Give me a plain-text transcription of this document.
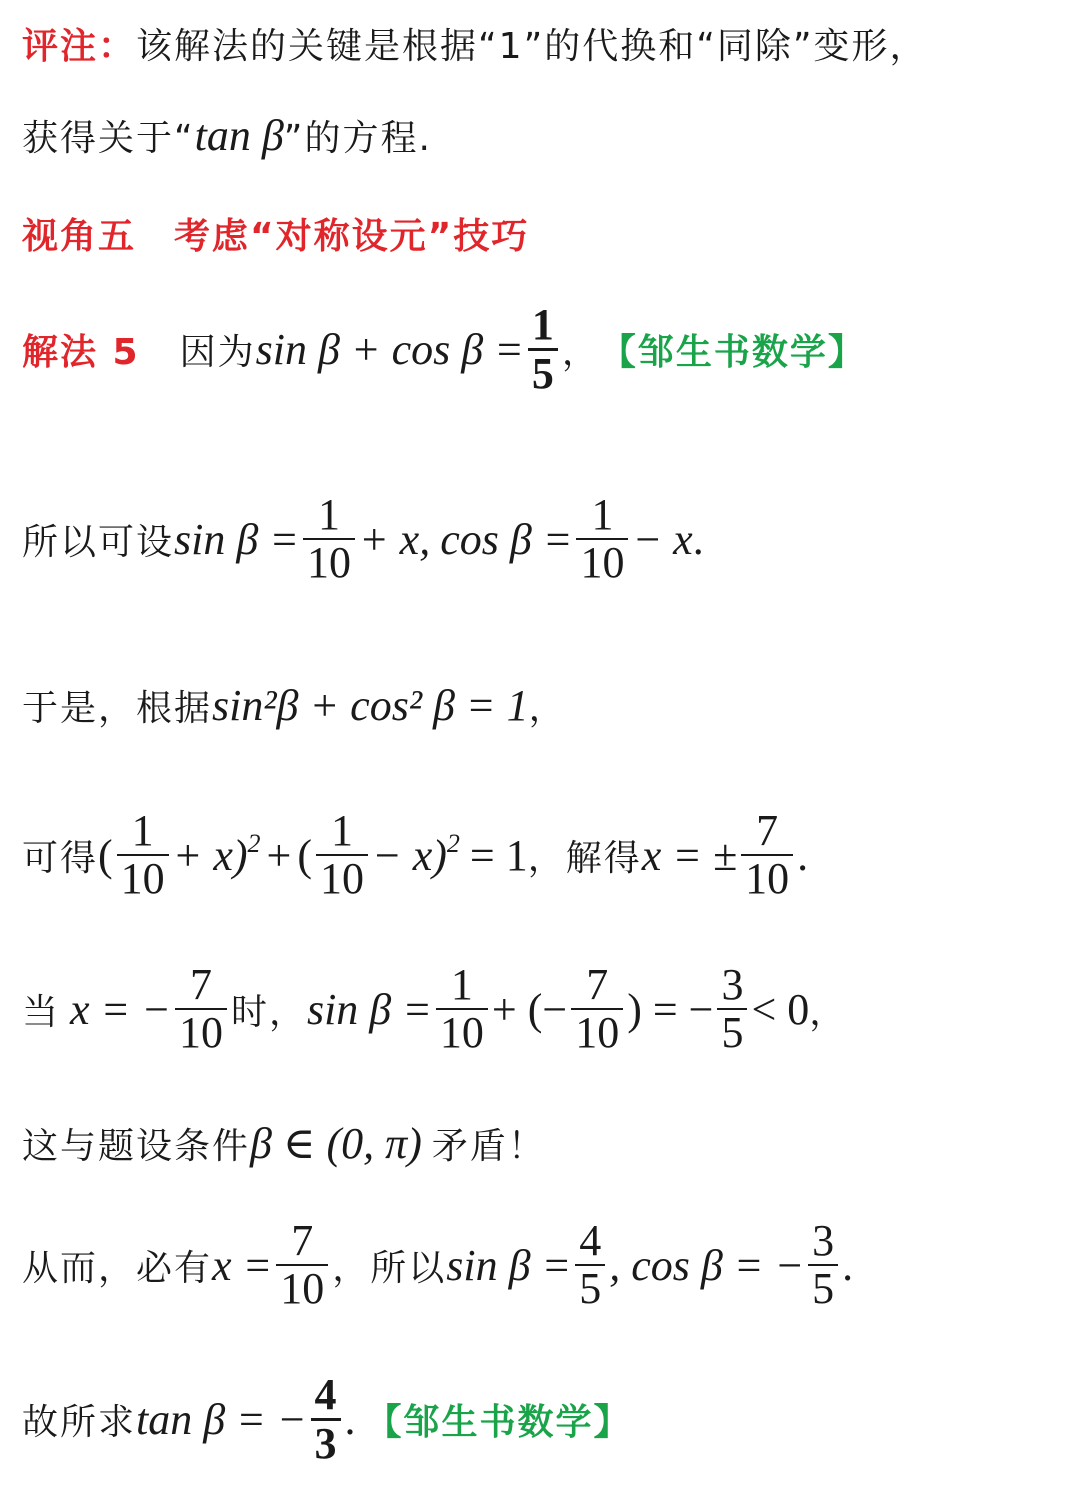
评注： 该解法的关键是根据“1”的代换和“同除”变形，
获得关于“ tan β ”的方程.
视角五　考虑“对称设元”技巧
解法 5 因为 $\sin \beta + \cos \beta = \frac{1}{5}$ ， 【邹生书数学】
所以可设 $\sin \beta = \frac{1}{10} + x$, $\cos \beta = \frac{1}{10} - x$ .
于是，根据 sin²β + cos² β = 1 ，
可得 ( $\frac{1}{10} + x)^2$ + ( $\frac{1}{10} - x)^2 = 1$ ，解得 x = ± $\frac{7}{10}$ .
当 x = − $\frac{7}{10}$ 时， $\sin \beta = \frac{1}{10}$ + (− $\frac{7}{10}$ ) = − $\frac{3}{5} < 0$ ，
这与题设条件 β ∈ (0, π) 矛盾！
从而，必有 $x = \frac{7}{10}$ ，所以 $\sin \beta = \frac{4}{5}$ , cos β = − $\frac{3}{5}$ .
故所求 tan β = − $\frac{4}{3}$ . 【邹生书数学】
